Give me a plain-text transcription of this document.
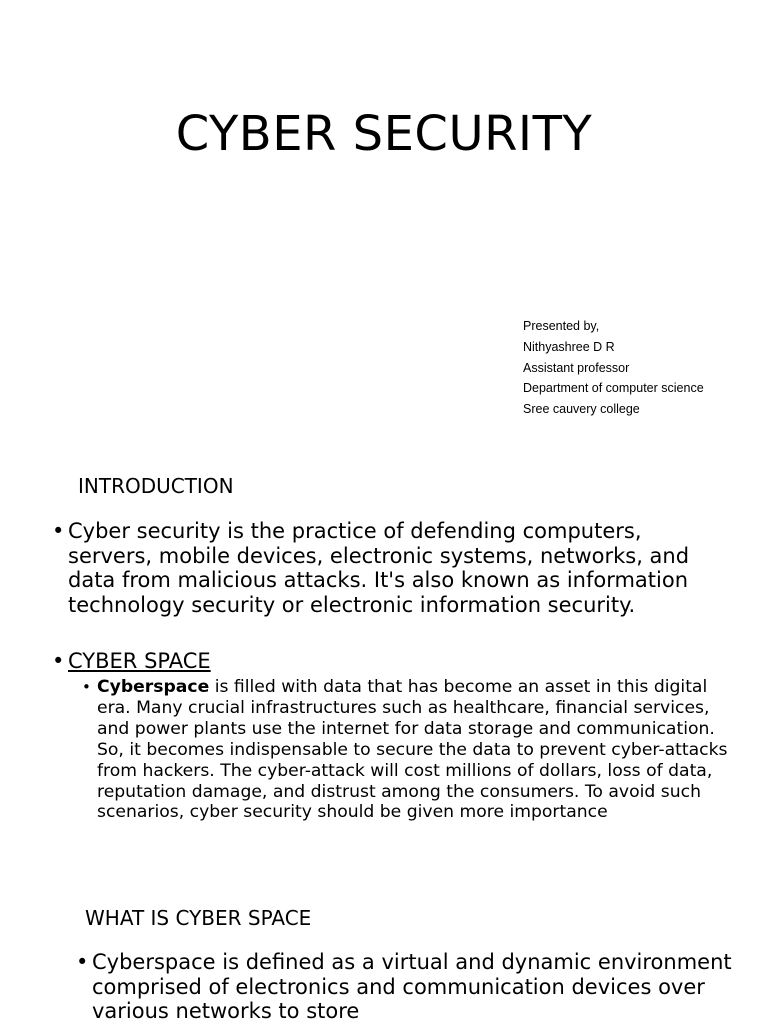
CYBER SECURITY
Presented by,
Nithyashree D R
Assistant professor
Department of computer science
Sree cauvery college
INTRODUCTION
• Cyber security is the practice of defending computers, servers, mobile devices, electronic systems, networks, and data from malicious attacks. It's also known as information technology security or electronic information security.
• CYBER SPACE
• Cyberspace is filled with data that has become an asset in this digital era. Many crucial infrastructures such as healthcare, financial services, and power plants use the internet for data storage and communication. So, it becomes indispensable to secure the data to prevent cyber-attacks from hackers. The cyber-attack will cost millions of dollars, loss of data, reputation damage, and distrust among the consumers. To avoid such scenarios, cyber security should be given more importance
WHAT IS CYBER SPACE
• Cyberspace is defined as a virtual and dynamic environment comprised of electronics and communication devices over various networks to store
